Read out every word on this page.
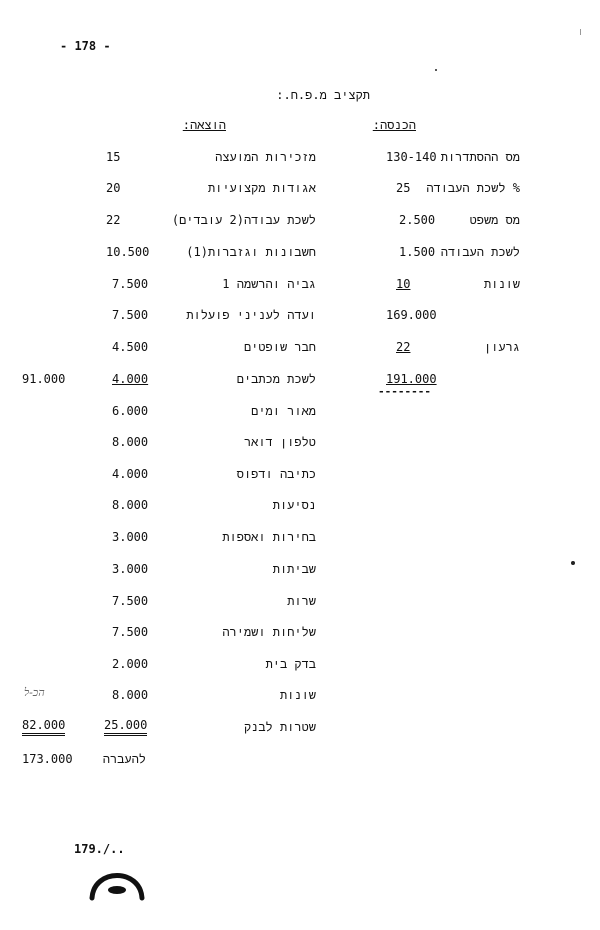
- 178 -
תקציב מ.פ.ח.:
הכנסה:
הוצאה:
מס ההסתדרות
130-140
% לשכת העבודה
25
מס משפט
2.500
לשכת העבודה
1.500
שונות
10
169.000
גרעון
22
191.000
--------
מזכירות המועצה
15
אגודות מקצועיות
20
לשכת עבודה(2 עובדים)
22
חשבונות וגזברות(1)
10.500
גביה והרשמה 1
7.500
ועדה לעניני פועלות
7.500
חבר שופטים
4.500
לשכת מכתבים
4.000
91.000
מאור ומים
6.000
טלפון דואר
8.000
כתיבה ודפוס
4.000
נסיעות
8.000
בחירות ואספות
3.000
שביתות
3.000
שרות
7.500
שליחות ושמירה
7.500
בדק בית
2.000
שונות
8.000
הכ-ל
שטרות לבנק
25.000
82.000
להעברה
173.000
179./..
